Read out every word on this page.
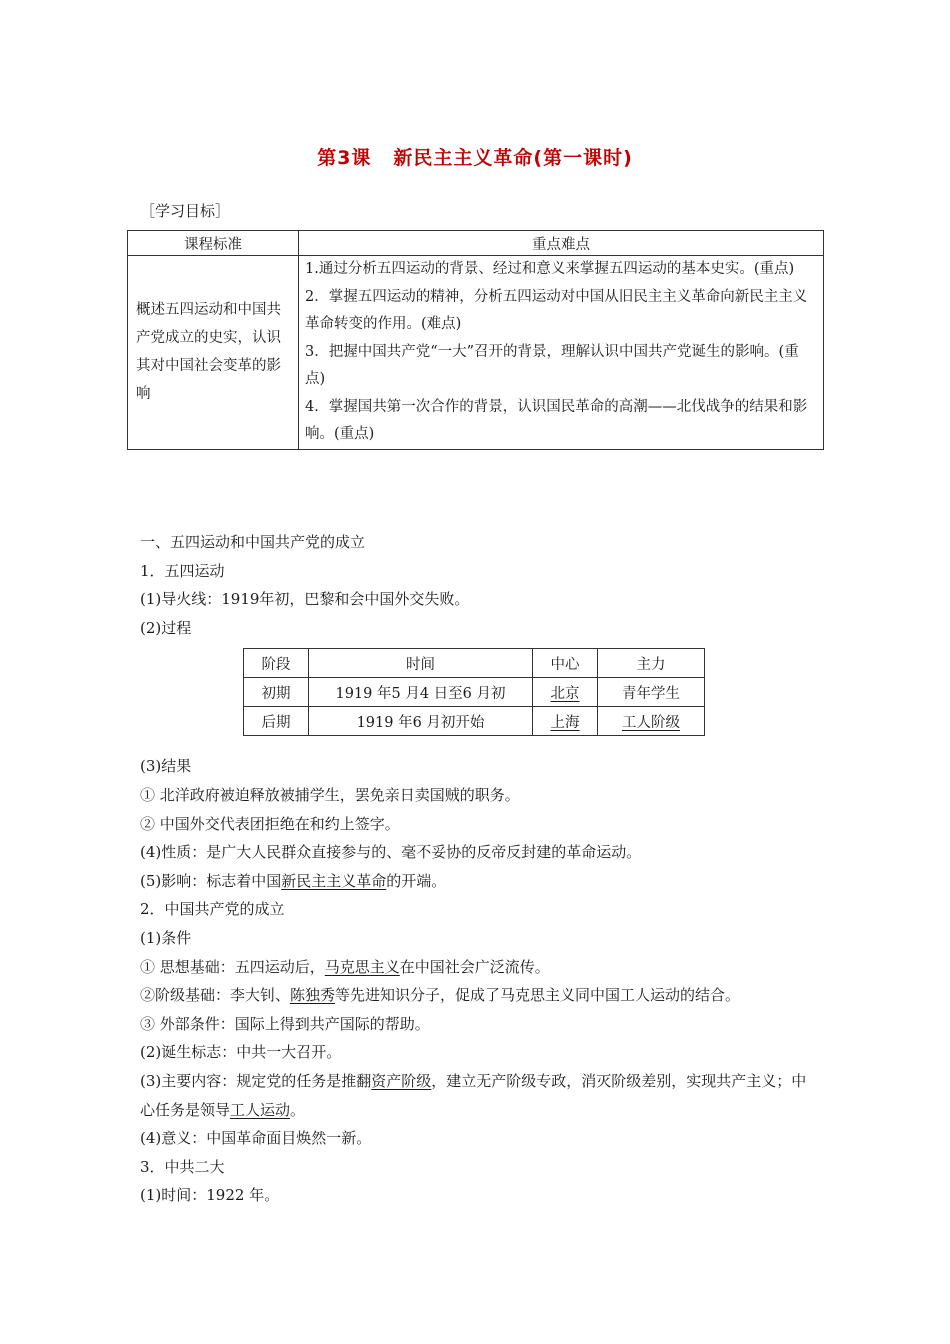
第3课 新民主主义革命(第一课时)
［学习目标］
课程标准	重点难点
概述五四运动和中国共产党成立的史实，认识其对中国社会变革的影响	1.通过分析五四运动的背景、经过和意义来掌握五四运动的基本史实。(重点)
2．掌握五四运动的精神，分析五四运动对中国从旧民主主义革命向新民主主义革命转变的作用。(难点)
3．把握中国共产党“一大”召开的背景，理解认识中国共产党诞生的影响。(重点)
4．掌握国共第一次合作的背景，认识国民革命的高潮——北伐战争的结果和影响。(重点)

一、五四运动和中国共产党的成立

1．五四运动

(1)导火线：1919年初，巴黎和会中国外交失败。

(2)过程

阶段	时间	中心	主力
初期	1919 年5 月4 日至6 月初	北京	青年学生
后期	1919 年6 月初开始	上海	工人阶级

(3)结果

① 北洋政府被迫释放被捕学生，罢免亲日卖国贼的职务。

② 中国外交代表团拒绝在和约上签字。

(4)性质：是广大人民群众直接参与的、毫不妥协的反帝反封建的革命运动。

(5)影响：标志着中国新民主主义革命的开端。

2．中国共产党的成立

(1)条件

① 思想基础：五四运动后，马克思主义在中国社会广泛流传。

②阶级基础：李大钊、陈独秀等先进知识分子，促成了马克思主义同中国工人运动的结合。

③ 外部条件：国际上得到共产国际的帮助。

(2)诞生标志：中共一大召开。

(3)主要内容：规定党的任务是推翻资产阶级，建立无产阶级专政，消灭阶级差别，实现共产主义；中心任务是领导工人运动。

(4)意义：中国革命面目焕然一新。

3．中共二大

(1)时间：1922 年。
